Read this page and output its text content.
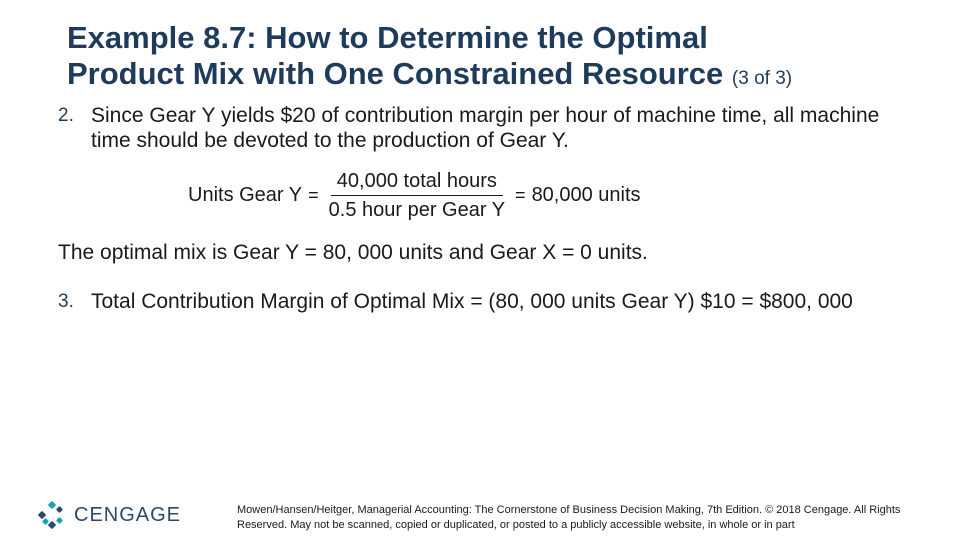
Example 8.7: How to Determine the Optimal
Product Mix with One Constrained Resource (3 of 3)
2. Since Gear Y yields $20 of contribution margin per hour of machine time, all machine time should be devoted to the production of Gear Y.
Units Gear $Y = \frac{\text{40,000 total hours}}{\text{0.5 hour per Gear Y}} = 80,000$ units
The optimal mix is Gear Y = 80, 000 units and Gear X = 0 units.
3. Total Contribution Margin of Optimal Mix = (80, 000 units Gear Y) $10 = $800, 000
CENGAGE	Mowen/Hansen/Heitger, Managerial Accounting: The Cornerstone of Business Decision Making, 7th Edition. © 2018 Cengage. All Rights Reserved. May not be scanned, copied or duplicated, or posted to a publicly accessible website, in whole or in part
